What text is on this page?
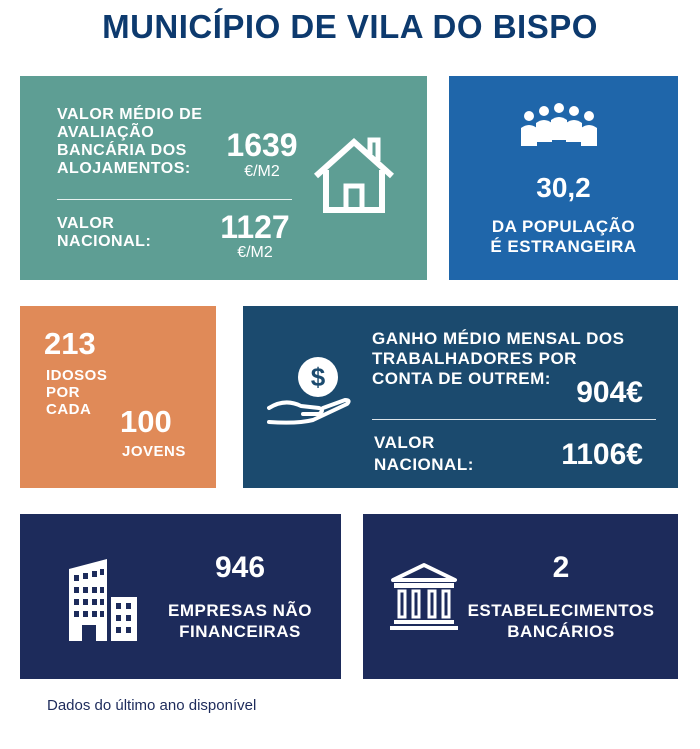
MUNICÍPIO DE VILA DO BISPO
VALOR MÉDIO DE
AVALIAÇÃO
BANCÁRIA DOS
ALOJAMENTOS:
1639
€/M2
VALOR
NACIONAL: 1127
€/M2
30,2
DA POPULAÇÃO
É ESTRANGEIRA
213
IDOSOS
POR
CADA 100
JOVENS
$
GANHO MÉDIO MENSAL DOS
TRABALHADORES POR
CONTA DE OUTREM: 904€
VALOR
NACIONAL:	1106€
946
EMPRESAS NÃO
FINANCEIRAS
2
ESTABELECIMENTOS
BANCÁRIOS
Dados do último ano disponível
